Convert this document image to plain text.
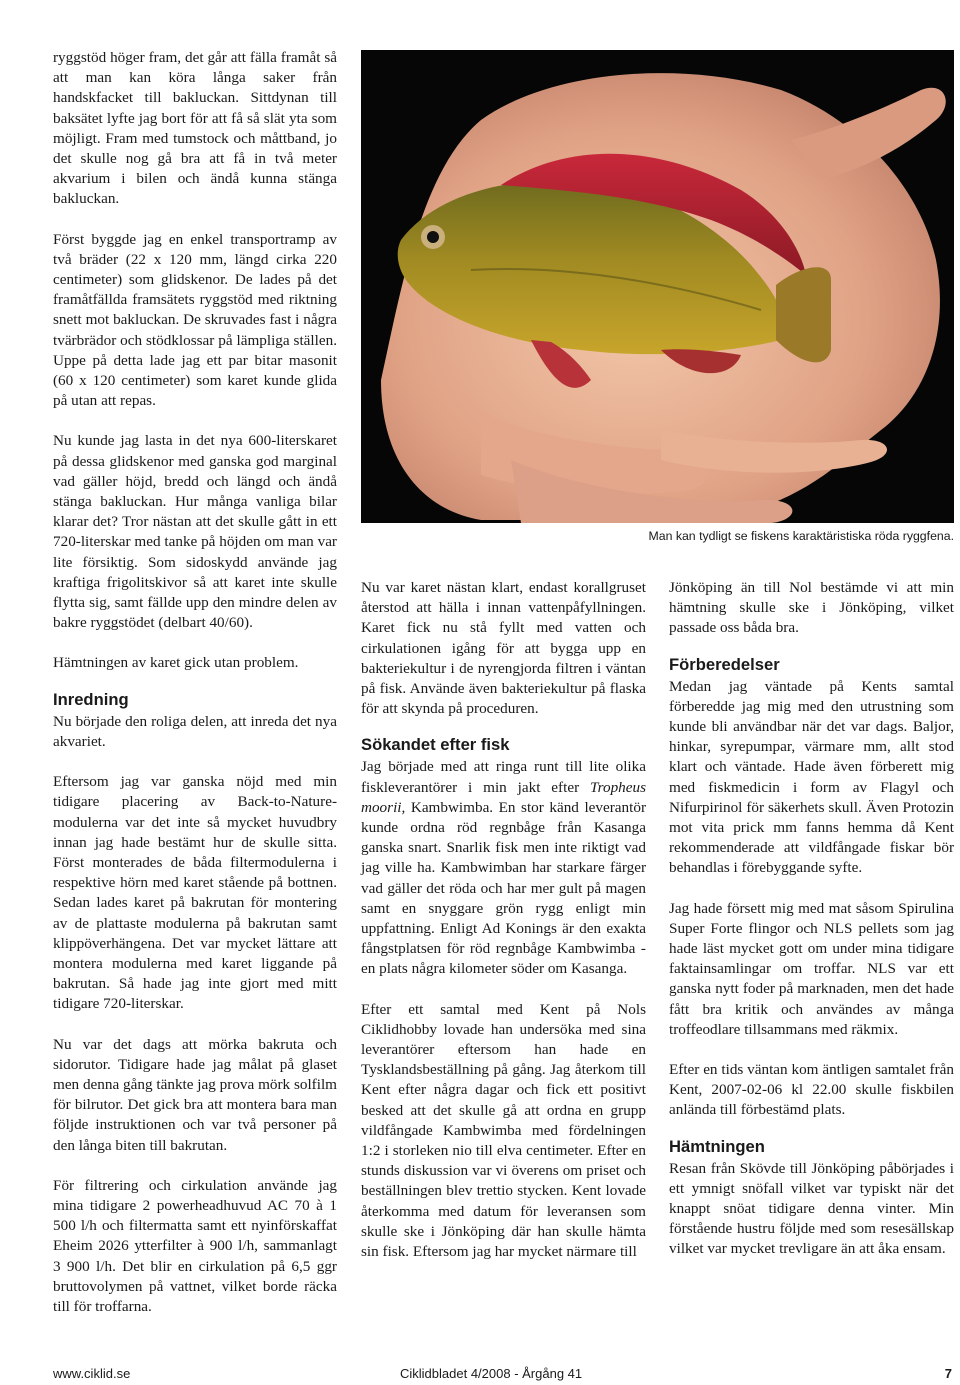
ryggstöd höger fram, det går att fälla framåt så att man kan köra långa saker från handskfacket till bakluckan. Sittdynan till baksätet lyfte jag bort för att få så slät yta som möjligt. Fram med tumstock och måttband, jo det skulle nog gå bra att få in två meter akvarium i bilen och ändå kunna stänga bakluckan.

Först byggde jag en enkel transportramp av två bräder (22 x 120 mm, längd cirka 220 centimeter) som glidskenor. De lades på det framåtfällda framsätets ryggstöd med riktning snett mot bakluckan. De skruvades fast i några tvärbrädor och stödklossar på lämpliga ställen. Uppe på detta lade jag ett par bitar masonit (60 x 120 centimeter) som karet kunde glida på utan att repas.

Nu kunde jag lasta in det nya 600-literskaret på dessa glidskenor med ganska god marginal vad gäller höjd, bredd och längd och ändå stänga bakluckan. Hur många vanliga bilar klarar det? Tror nästan att det skulle gått in ett 720-literskar med tanke på höjden om man var lite försiktig. Som sidoskydd använde jag kraftiga frigolitskivor så att karet inte skulle flytta sig, samt fällde upp den mindre delen av bakre ryggstödet (delbart 40/60).

Hämtningen av karet gick utan problem.

Inredning

Nu började den roliga delen, att inreda det nya akvariet.

Eftersom jag var ganska nöjd med min tidigare placering av Back-to-Nature-modulerna var det inte så mycket huvudbry innan jag hade bestämt hur de skulle sitta. Först monterades de båda filtermodulerna i respektive hörn med karet stående på bottnen. Sedan lades karet på bakrutan för montering av de plattaste modulerna på bakrutan samt klippöverhängena. Det var mycket lättare att montera modulerna med karet liggande på bakrutan. Så hade jag inte gjort med mitt tidigare 720-literskar.

Nu var det dags att mörka bakruta och sidorutor. Tidigare hade jag målat på glaset men denna gång tänkte jag prova mörk solfilm för bilrutor. Det gick bra att montera bara man följde instruktionen och var två personer på den långa biten till bakrutan.

För filtrering och cirkulation använde jag mina tidigare 2 powerheadhuvud AC 70 à 1 500 l/h och filtermatta samt ett nyinförskaffat Eheim 2026 ytterfilter à 900 l/h, sammanlagt 3 900 l/h. Det blir en cirkulation på 6,5 ggr bruttovolymen på vattnet, vilket borde räcka till för troffarna.

Man kan tydligt se fiskens karaktäristiska röda ryggfena.

Nu var karet nästan klart, endast korallgruset återstod att hälla i innan vattenpåfyllningen. Karet fick nu stå fyllt med vatten och cirkulationen igång för att bygga upp en bakteriekultur i de nyrengjorda filtren i väntan på fisk. Använde även bakteriekultur på flaska för att skynda på proceduren.

Sökandet efter fisk

Jag började med att ringa runt till lite olika fiskleverantörer i min jakt efter Tropheus moorii, Kambwimba. En stor känd leverantör kunde ordna röd regnbåge från Kasanga ganska snart. Snarlik fisk men inte riktigt vad jag ville ha. Kambwimban har starkare färger vad gäller det röda och har mer gult på magen samt en snyggare grön rygg enligt min uppfattning. Enligt Ad Konings är den exakta fångstplatsen för röd regnbåge Kambwimba - en plats några kilometer söder om Kasanga.

Efter ett samtal med Kent på Nols Ciklidhobby lovade han undersöka med sina leverantörer eftersom han hade en Tysklandsbeställning på gång. Jag återkom till Kent efter några dagar och fick ett positivt besked att det skulle gå att ordna en grupp vildfångade Kambwimba med fördelningen 1:2 i storleken nio till elva centimeter. Efter en stunds diskussion var vi överens om priset och beställningen blev trettio stycken. Kent lovade återkomma med datum för leveransen som skulle ske i Jönköping där han skulle hämta sin fisk. Eftersom jag har mycket närmare till

Jönköping än till Nol bestämde vi att min hämtning skulle ske i Jönköping, vilket passade oss båda bra.

Förberedelser

Medan jag väntade på Kents samtal förberedde jag mig med den utrustning som kunde bli användbar när det var dags. Baljor, hinkar, syrepumpar, värmare mm, allt stod klart och väntade. Hade även förberett mig med fiskmedicin i form av Flagyl och Nifurpirinol för säkerhets skull. Även Protozin mot vita prick mm fanns hemma då Kent rekommenderade att vildfångade fiskar bör behandlas i förebyggande syfte.

Jag hade försett mig med mat såsom Spirulina Super Forte flingor och NLS pellets som jag hade läst mycket gott om under mina tidigare faktainsamlingar om troffar. NLS var ett ganska nytt foder på marknaden, men det hade fått bra kritik och användes av många troffeodlare tillsammans med räkmix.

Efter en tids väntan kom äntligen samtalet från Kent, 2007-02-06 kl 22.00 skulle fiskbilen anlända till förbestämd plats.

Hämtningen

Resan från Skövde till Jönköping påbörjades i ett ymnigt snöfall vilket var typiskt när det knappt snöat tidigare denna vinter. Min förstående hustru följde med som resesällskap vilket var mycket trevligare än att åka ensam.

www.ciklid.se	Ciklidbladet 4/2008 - Årgång 41	7
